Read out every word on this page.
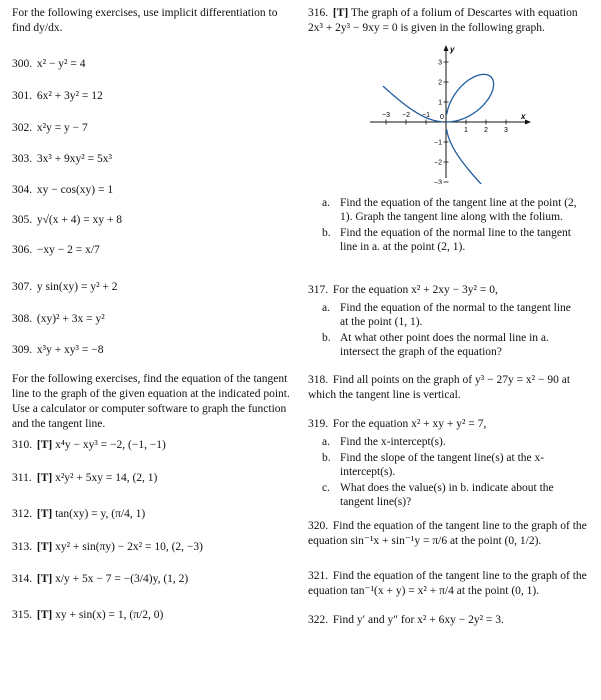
For the following exercises, use implicit differentiation to find dy/dx.
300. x² − y² = 4
301. 6x² + 3y² = 12
302. x²y = y − 7
303. 3x³ + 9xy² = 5x³
304. xy − cos(xy) = 1
305. y√(x + 4) = xy + 8
306. −xy − 2 = x/7
307. y sin(xy) = y² + 2
308. (xy)² + 3x = y²
309. x³y + xy³ = −8
For the following exercises, find the equation of the tangent line to the graph of the given equation at the indicated point. Use a calculator or computer software to graph the function and the tangent line.
310. [T] x⁴y − xy³ = −2, (−1, −1)
311. [T] x²y² + 5xy = 14, (2, 1)
312. [T] tan(xy) = y, (π/4, 1)
313. [T] xy² + sin(πy) − 2x² = 10, (2, −3)
314. [T] x/y + 5x − 7 = −(3/4)y, (1, 2)
315. [T] xy + sin(x) = 1, (π/2, 0)
316. [T] The graph of a folium of Descartes with equation 2x³ + 2y³ − 9xy = 0 is given in the following graph.
−3 −2 −1
1 2 3
3
2
1
−1
−2
−3
x
y
0
a. Find the equation of the tangent line at the point (2, 1). Graph the tangent line along with the folium.
b. Find the equation of the normal line to the tangent line in a. at the point (2, 1).
317. For the equation x² + 2xy − 3y² = 0,
a. Find the equation of the normal to the tangent line at the point (1, 1).
b. At what other point does the normal line in a. intersect the graph of the equation?
318. Find all points on the graph of y³ − 27y = x² − 90 at which the tangent line is vertical.
319. For the equation x² + xy + y² = 7,
a. Find the x-intercept(s).
b. Find the slope of the tangent line(s) at the x-intercept(s).
c. What does the value(s) in b. indicate about the tangent line(s)?
320. Find the equation of the tangent line to the graph of the equation sin⁻¹x + sin⁻¹y = π/6 at the point (0, 1/2).
321. Find the equation of the tangent line to the graph of the equation tan⁻¹(x + y) = x² + π/4 at the point (0, 1).
322. Find y′ and y″ for x² + 6xy − 2y² = 3.
